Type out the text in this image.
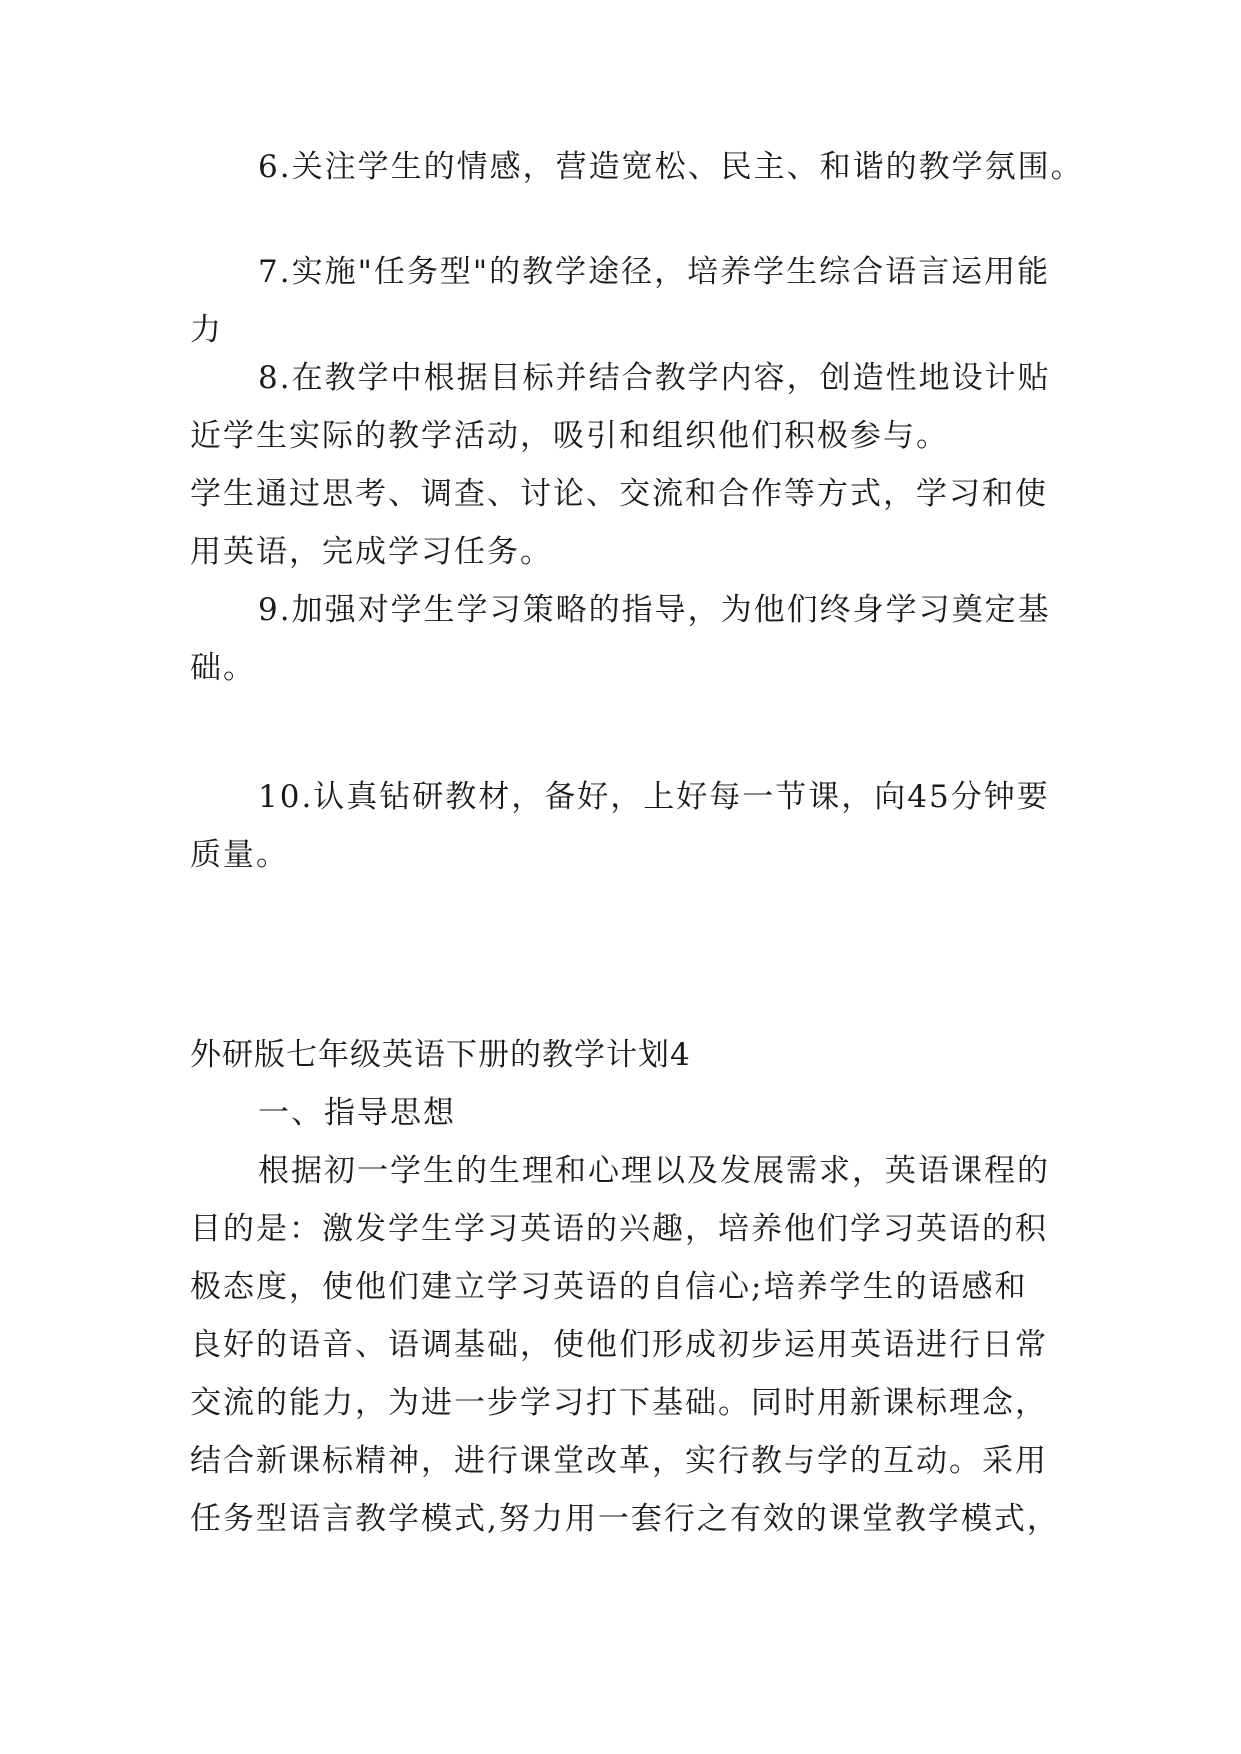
6.关注学生的情感，营造宽松、民主、和谐的教学氛围。

7.实施"任务型"的教学途径，培养学生综合语言运用能
力

8.在教学中根据目标并结合教学内容，创造性地设计贴
近学生实际的教学活动，吸引和组织他们积极参与。
学生通过思考、调查、讨论、交流和合作等方式，学习和使
用英语，完成学习任务。

9.加强对学生学习策略的指导，为他们终身学习奠定基
础。

10.认真钻研教材，备好，上好每一节课，向45分钟要
质量。

外研版七年级英语下册的教学计划4

一、指导思想

根据初一学生的生理和心理以及发展需求，英语课程的
目的是：激发学生学习英语的兴趣，培养他们学习英语的积
极态度，使他们建立学习英语的自信心;培养学生的语感和
良好的语音、语调基础，使他们形成初步运用英语进行日常
交流的能力，为进一步学习打下基础。同时用新课标理念，
结合新课标精神，进行课堂改革，实行教与学的互动。采用
任务型语言教学模式,努力用一套行之有效的课堂教学模式，
